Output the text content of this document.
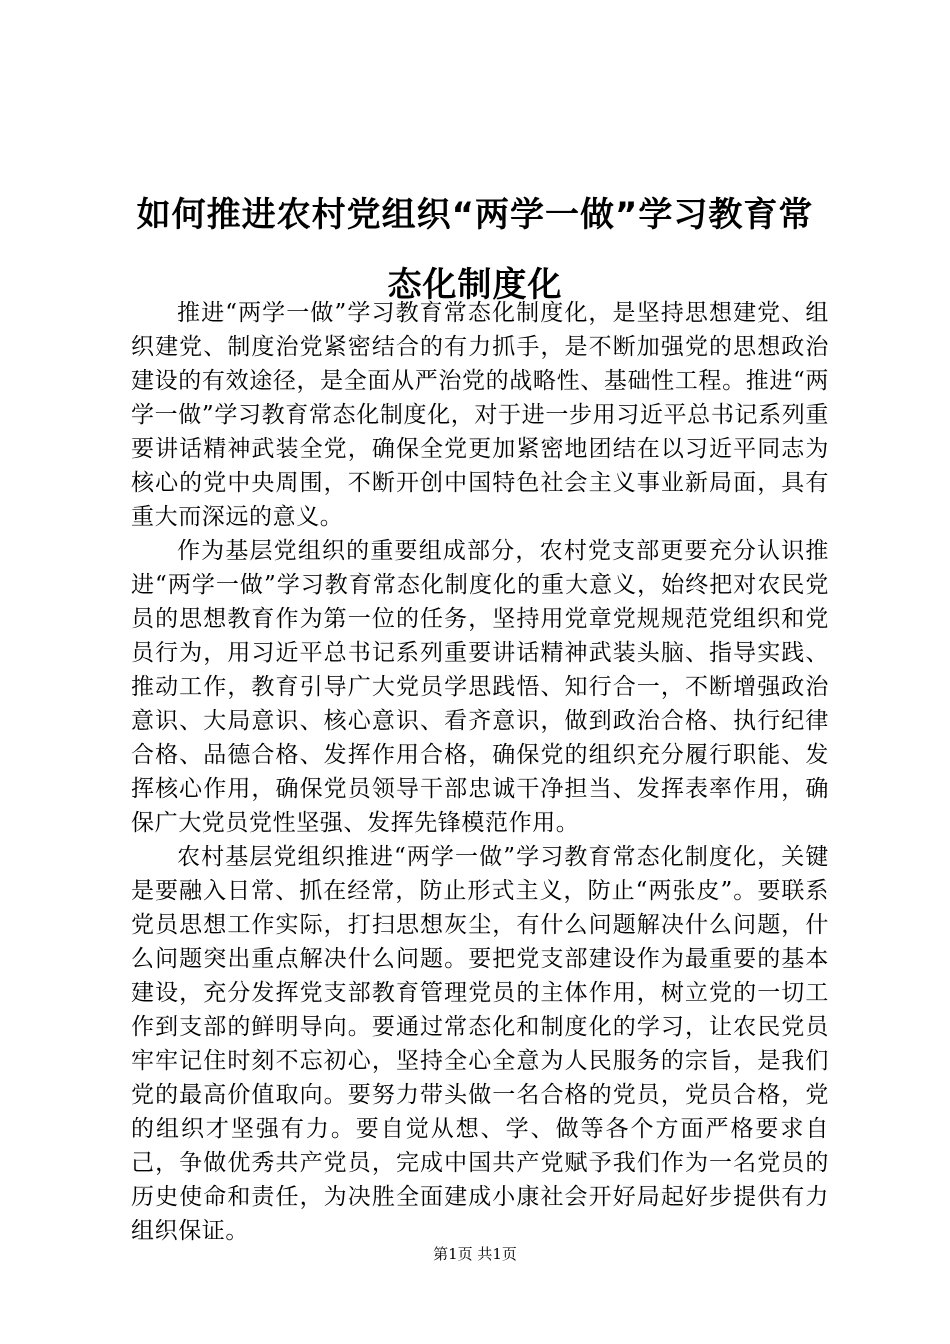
如何推进农村党组织“两学一做”学习教育常态化制度化

推进“两学一做”学习教育常态化制度化，是坚持思想建党、组织建党、制度治党紧密结合的有力抓手，是不断加强党的思想政治建设的有效途径，是全面从严治党的战略性、基础性工程。推进“两学一做”学习教育常态化制度化，对于进一步用习近平总书记系列重要讲话精神武装全党，确保全党更加紧密地团结在以习近平同志为核心的党中央周围，不断开创中国特色社会主义事业新局面，具有重大而深远的意义。

作为基层党组织的重要组成部分，农村党支部更要充分认识推进“两学一做”学习教育常态化制度化的重大意义，始终把对农民党员的思想教育作为第一位的任务，坚持用党章党规规范党组织和党员行为，用习近平总书记系列重要讲话精神武装头脑、指导实践、推动工作，教育引导广大党员学思践悟、知行合一，不断增强政治意识、大局意识、核心意识、看齐意识，做到政治合格、执行纪律合格、品德合格、发挥作用合格，确保党的组织充分履行职能、发挥核心作用，确保党员领导干部忠诚干净担当、发挥表率作用，确保广大党员党性坚强、发挥先锋模范作用。

农村基层党组织推进“两学一做”学习教育常态化制度化，关键是要融入日常、抓在经常，防止形式主义，防止“两张皮”。要联系党员思想工作实际，打扫思想灰尘，有什么问题解决什么问题，什么问题突出重点解决什么问题。要把党支部建设作为最重要的基本建设，充分发挥党支部教育管理党员的主体作用，树立党的一切工作到支部的鲜明导向。要通过常态化和制度化的学习，让农民党员牢牢记住时刻不忘初心，坚持全心全意为人民服务的宗旨，是我们党的最高价值取向。要努力带头做一名合格的党员，党员合格，党的组织才坚强有力。要自觉从想、学、做等各个方面严格要求自己，争做优秀共产党员，完成中国共产党赋予我们作为一名党员的历史使命和责任，为决胜全面建成小康社会开好局起好步提供有力组织保证。

第1页 共1页
